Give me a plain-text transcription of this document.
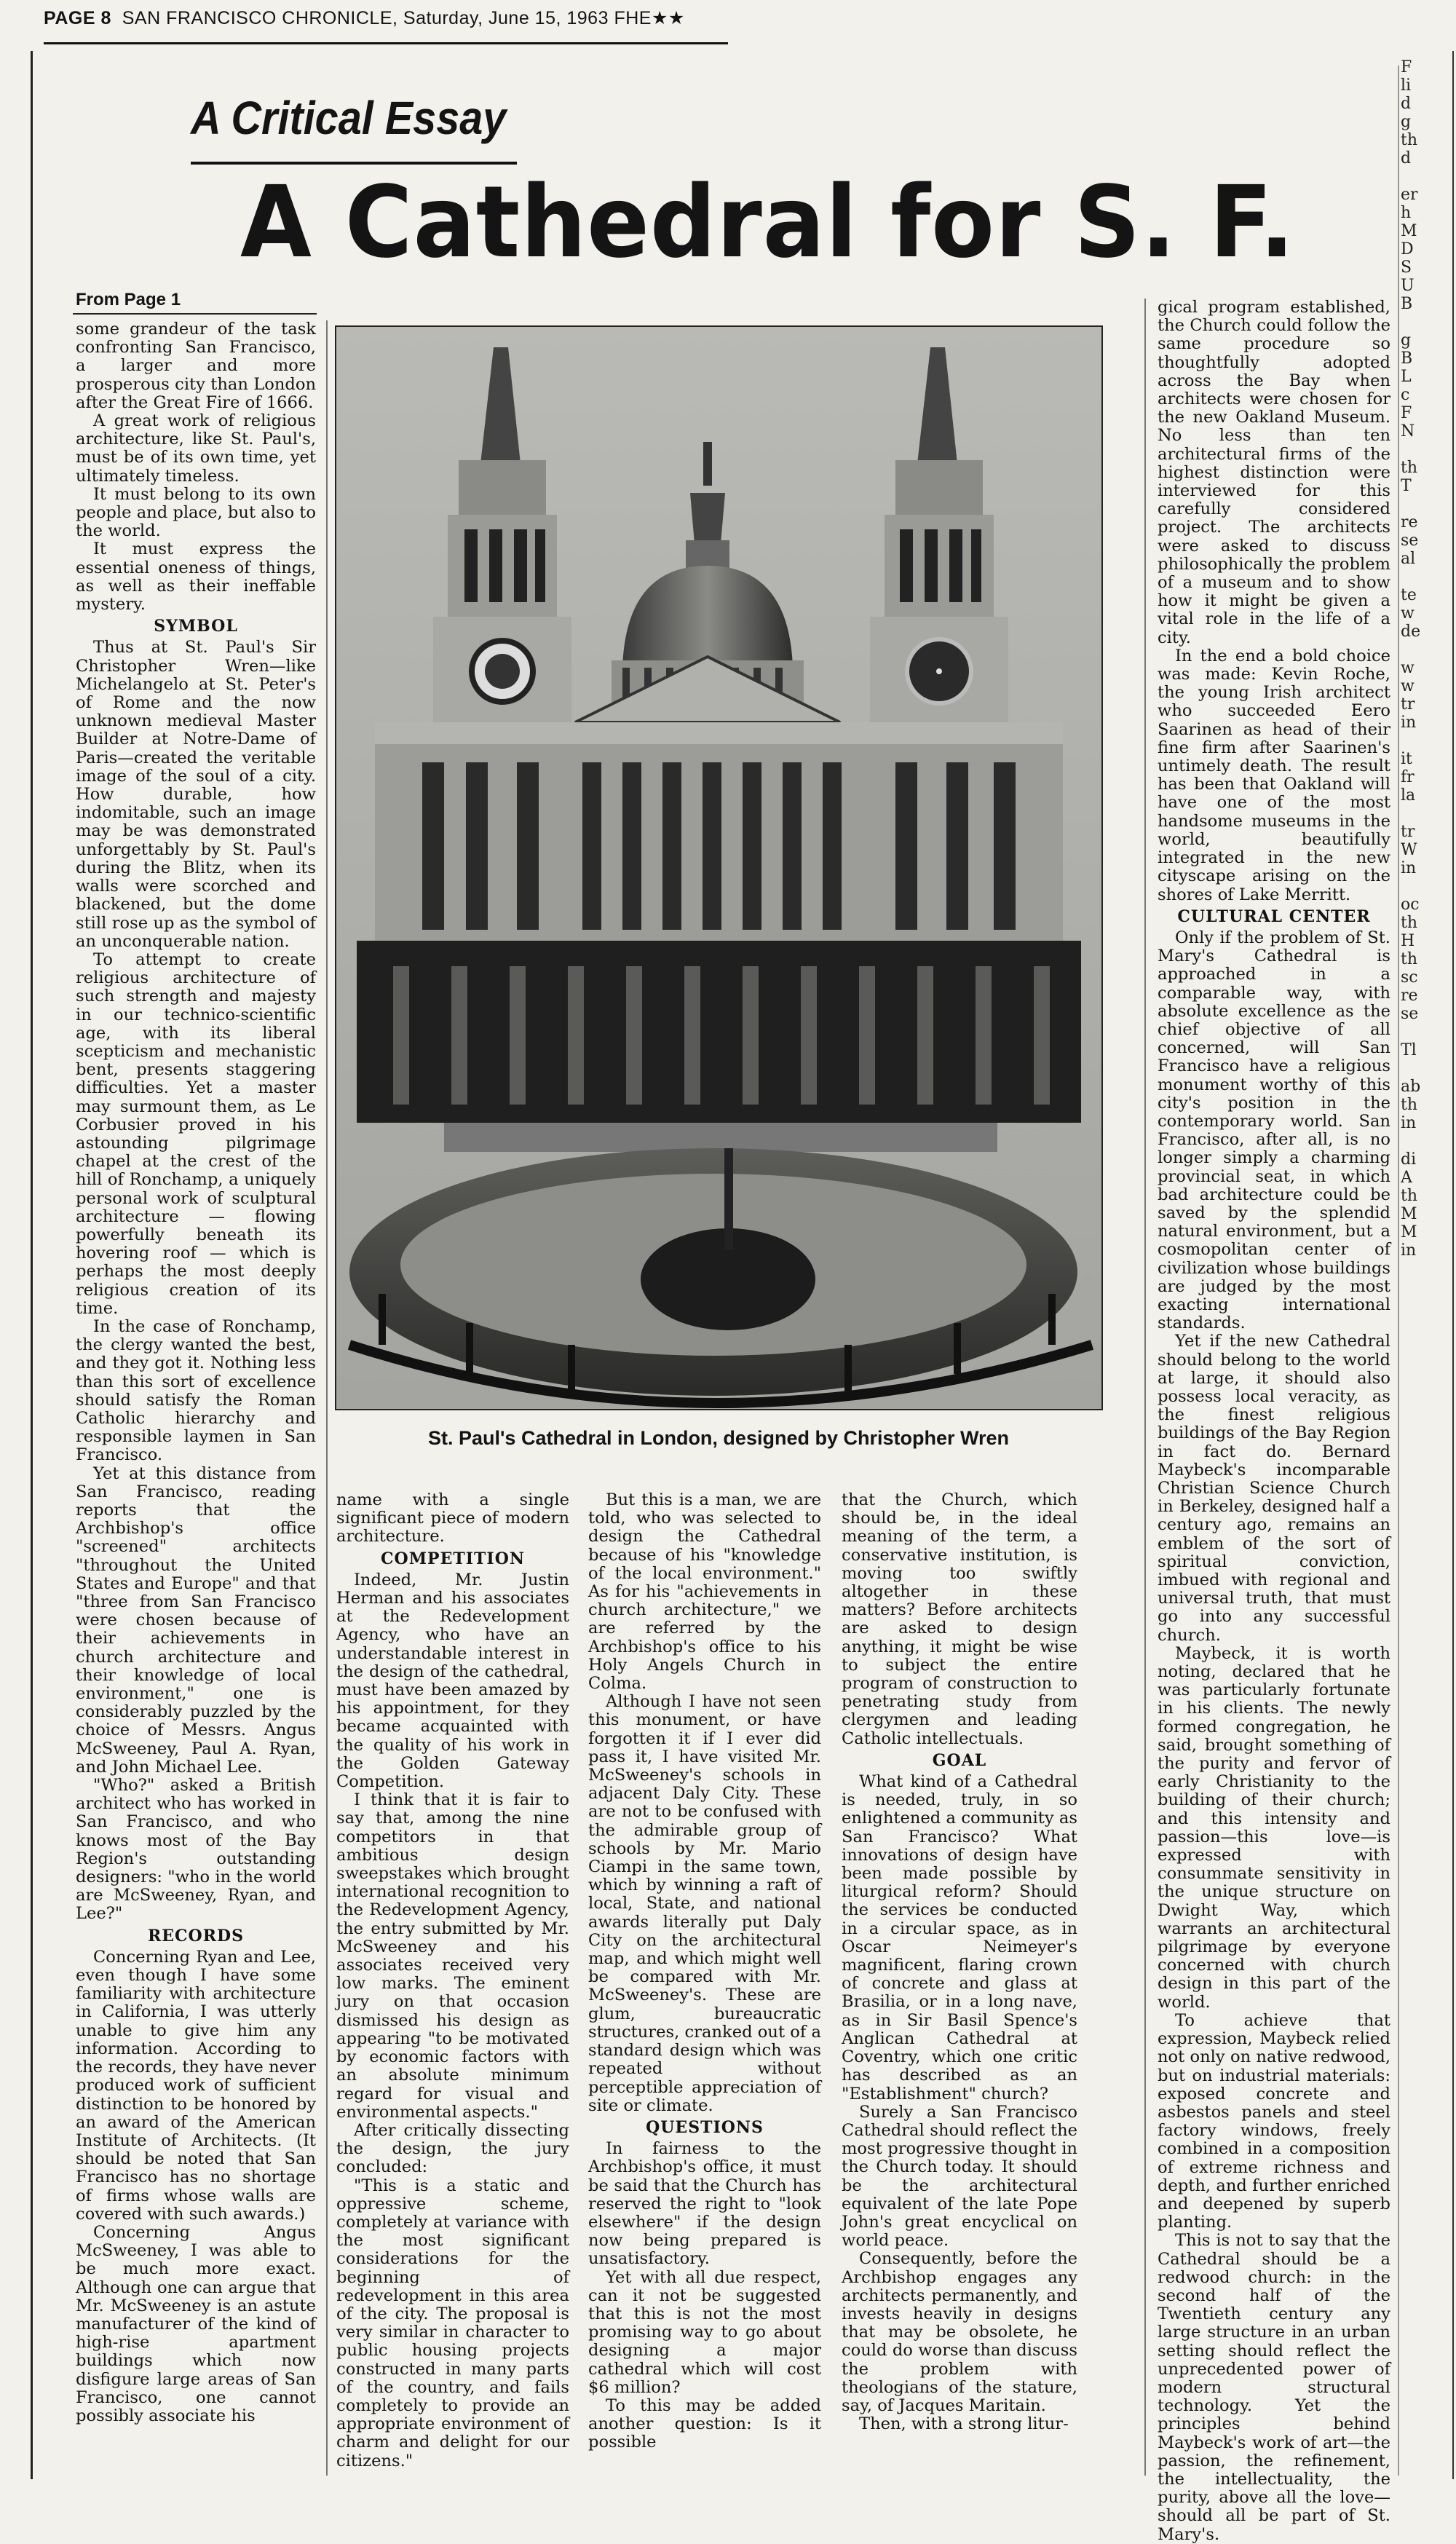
PAGE 8 SAN FRANCISCO CHRONICLE, Saturday, June 15, 1963 FHE★★
A Critical Essay
A Cathedral for S. F.
From Page 1

some grandeur of the task confronting San Francisco, a larger and more prosperous city than London after the Great Fire of 1666.

A great work of religious architecture, like St. Paul's, must be of its own time, yet ultimately timeless.

It must belong to its own people and place, but also to the world.

It must express the essential oneness of things, as well as their ineffable mystery.

SYMBOL

Thus at St. Paul's Sir Christopher Wren—like Michelangelo at St. Peter's of Rome and the now unknown medieval Master Builder at Notre-Dame of Paris—created the veritable image of the soul of a city. How durable, how indomitable, such an image may be was demonstrated unforgettably by St. Paul's during the Blitz, when its walls were scorched and blackened, but the dome still rose up as the symbol of an unconquerable nation.

To attempt to create religious architecture of such strength and majesty in our technico-scientific age, with its liberal scepticism and mechanistic bent, presents staggering difficulties. Yet a master may surmount them, as Le Corbusier proved in his astounding pilgrimage chapel at the crest of the hill of Ronchamp, a uniquely personal work of sculptural architecture — flowing powerfully beneath its hovering roof — which is perhaps the most deeply religious creation of its time.

In the case of Ronchamp, the clergy wanted the best, and they got it. Nothing less than this sort of excellence should satisfy the Roman Catholic hierarchy and responsible laymen in San Francisco.

Yet at this distance from San Francisco, reading reports that the Archbishop's office "screened" architects "throughout the United States and Europe" and that "three from San Francisco were chosen because of their achievements in church architecture and their knowledge of local environment," one is considerably puzzled by the choice of Messrs. Angus McSweeney, Paul A. Ryan, and John Michael Lee.

"Who?" asked a British architect who has worked in San Francisco, and who knows most of the Bay Region's outstanding designers: "who in the world are McSweeney, Ryan, and Lee?"

RECORDS

Concerning Ryan and Lee, even though I have some familiarity with architecture in California, I was utterly unable to give him any information. According to the records, they have never produced work of sufficient distinction to be honored by an award of the American Institute of Architects. (It should be noted that San Francisco has no shortage of firms whose walls are covered with such awards.)

Concerning Angus McSweeney, I was able to be much more exact. Although one can argue that Mr. McSweeney is an astute manufacturer of the kind of high-rise apartment buildings which now disfigure large areas of San Francisco, one cannot possibly associate his

name with a single significant piece of modern architecture.

COMPETITION

Indeed, Mr. Justin Herman and his associates at the Redevelopment Agency, who have an understandable interest in the design of the cathedral, must have been amazed by his appointment, for they became acquainted with the quality of his work in the Golden Gateway Competition.

I think that it is fair to say that, among the nine competitors in that ambitious design sweepstakes which brought international recognition to the Redevelopment Agency, the entry submitted by Mr. McSweeney and his associates received very low marks. The eminent jury on that occasion dismissed his design as appearing "to be motivated by economic factors with an absolute minimum regard for visual and environmental aspects."

After critically dissecting the design, the jury concluded:

"This is a static and oppressive scheme, completely at variance with the most significant considerations for the beginning of redevelopment in this area of the city. The proposal is very similar in character to public housing projects constructed in many parts of the country, and fails completely to provide an appropriate environment of charm and delight for our citizens."

But this is a man, we are told, who was selected to design the Cathedral because of his "knowledge of the local environment." As for his "achievements in church architecture," we are referred by the Archbishop's office to his Holy Angels Church in Colma.

Although I have not seen this monument, or have forgotten it if I ever did pass it, I have visited Mr. McSweeney's schools in adjacent Daly City. These are not to be confused with the admirable group of schools by Mr. Mario Ciampi in the same town, which by winning a raft of local, State, and national awards literally put Daly City on the architectural map, and which might well be compared with Mr. McSweeney's. These are glum, bureaucratic structures, cranked out of a standard design which was repeated without perceptible appreciation of site or climate.

QUESTIONS

In fairness to the Archbishop's office, it must be said that the Church has reserved the right to "look elsewhere" if the design now being prepared is unsatisfactory.

Yet with all due respect, can it not be suggested that this is not the most promising way to go about designing a major cathedral which will cost $6 million?

To this may be added another question: Is it possible

that the Church, which should be, in the ideal meaning of the term, a conservative institution, is moving too swiftly altogether in these matters? Before architects are asked to design anything, it might be wise to subject the entire program of construction to penetrating study from clergymen and leading Catholic intellectuals.

GOAL

What kind of a Cathedral is needed, truly, in so enlightened a community as San Francisco? What innovations of design have been made possible by liturgical reform? Should the services be conducted in a circular space, as in Oscar Neimeyer's magnificent, flaring crown of concrete and glass at Brasilia, or in a long nave, as in Sir Basil Spence's Anglican Cathedral at Coventry, which one critic has described as an "Establishment" church?

Surely a San Francisco Cathedral should reflect the most progressive thought in the Church today. It should be the architectural equivalent of the late Pope John's great encyclical on world peace.

Consequently, before the Archbishop engages any architects permanently, and invests heavily in designs that may be obsolete, he could do worse than discuss the problem with theologians of the stature, say, of Jacques Maritain.

Then, with a strong litur-

gical program established, the Church could follow the same procedure so thoughtfully adopted across the Bay when architects were chosen for the new Oakland Museum. No less than ten architectural firms of the highest distinction were interviewed for this carefully considered project. The architects were asked to discuss philosophically the problem of a museum and to show how it might be given a vital role in the life of a city.

In the end a bold choice was made: Kevin Roche, the young Irish architect who succeeded Eero Saarinen as head of their fine firm after Saarinen's untimely death. The result has been that Oakland will have one of the most handsome museums in the world, beautifully integrated in the new cityscape arising on the shores of Lake Merritt.

CULTURAL CENTER

Only if the problem of St. Mary's Cathedral is approached in a comparable way, with absolute excellence as the chief objective of all concerned, will San Francisco have a religious monument worthy of this city's position in the contemporary world. San Francisco, after all, is no longer simply a charming provincial seat, in which bad architecture could be saved by the splendid natural environment, but a cosmopolitan center of civilization whose buildings are judged by the most exacting international standards.

Yet if the new Cathedral should belong to the world at large, it should also possess local veracity, as the finest religious buildings of the Bay Region in fact do. Bernard Maybeck's incomparable Christian Science Church in Berkeley, designed half a century ago, remains an emblem of the sort of spiritual conviction, imbued with regional and universal truth, that must go into any successful church.

Maybeck, it is worth noting, declared that he was particularly fortunate in his clients. The newly formed congregation, he said, brought something of the purity and fervor of early Christianity to the building of their church; and this intensity and passion—this love—is expressed with consummate sensitivity in the unique structure on Dwight Way, which warrants an architectural pilgrimage by everyone concerned with church design in this part of the world.

To achieve that expression, Maybeck relied not only on native redwood, but on industrial materials: exposed concrete and asbestos panels and steel factory windows, freely combined in a composition of extreme richness and depth, and further enriched and deepened by superb planting.

This is not to say that the Cathedral should be a redwood church: in the second half of the Twentieth century any large structure in an urban setting should reflect the unprecedented power of modern structural technology. Yet the principles behind Maybeck's work of art—the passion, the refinement, the intellectuality, the purity, above all the love—should all be part of St. Mary's.

St. Paul's Cathedral in London, designed by Christopher Wren
F
li
d
g
th
d

er
h
M
D
S
U
B

g
B
L
c
F
N

th
T

re
se
al

te
w
de

w
w
tr
in

it
fr
la

tr
W
in

oc
th
H
th
sc
re
se

Tl

ab
th
in

di
A
th
M
M
in
